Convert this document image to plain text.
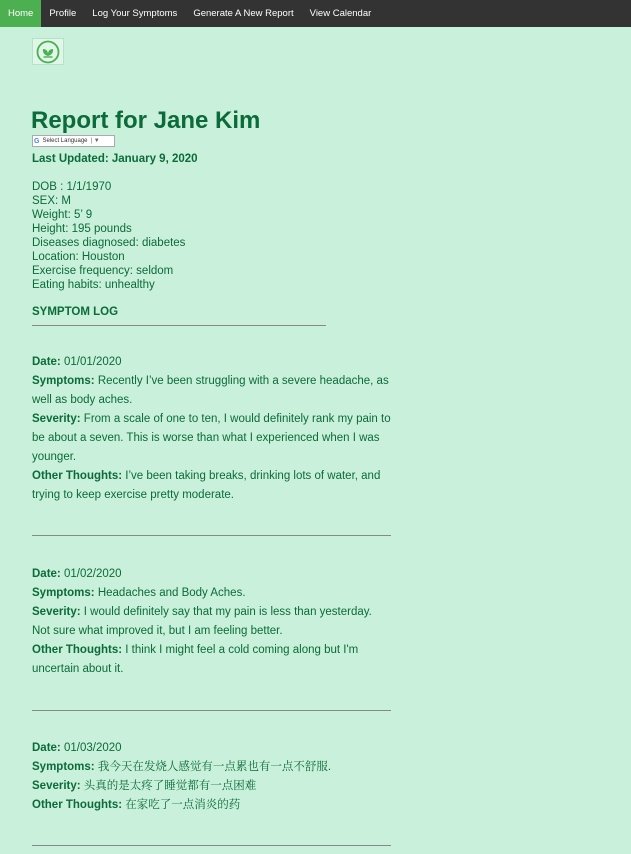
Home	Profile	Log Your Symptoms	Generate A New Report	View Calendar
Report for Jane Kim
G Select Language | ▼
Last Updated: January 9, 2020
DOB : 1/1/1970
SEX: M
Weight: 5’ 9
Height: 195 pounds
Diseases diagnosed: diabetes
Location: Houston
Exercise frequency: seldom
Eating habits: unhealthy
SYMPTOM LOG
Date: 01/01/2020
Symptoms: Recently I’ve been struggling with a severe headache, as well as body aches.
Severity: From a scale of one to ten, I would definitely rank my pain to be about a seven. This is worse than what I experienced when I was younger.
Other Thoughts: I’ve been taking breaks, drinking lots of water, and trying to keep exercise pretty moderate.
Date: 01/02/2020
Symptoms: Headaches and Body Aches.
Severity: I would definitely say that my pain is less than yesterday. Not sure what improved it, but I am feeling better.
Other Thoughts: I think I might feel a cold coming along but I'm uncertain about it.
Date: 01/03/2020
Symptoms: 我今天在发烧人感觉有一点累也有一点不舒服.
Severity: 头真的是太疼了睡觉都有一点困难
Other Thoughts: 在家吃了一点消炎的药
